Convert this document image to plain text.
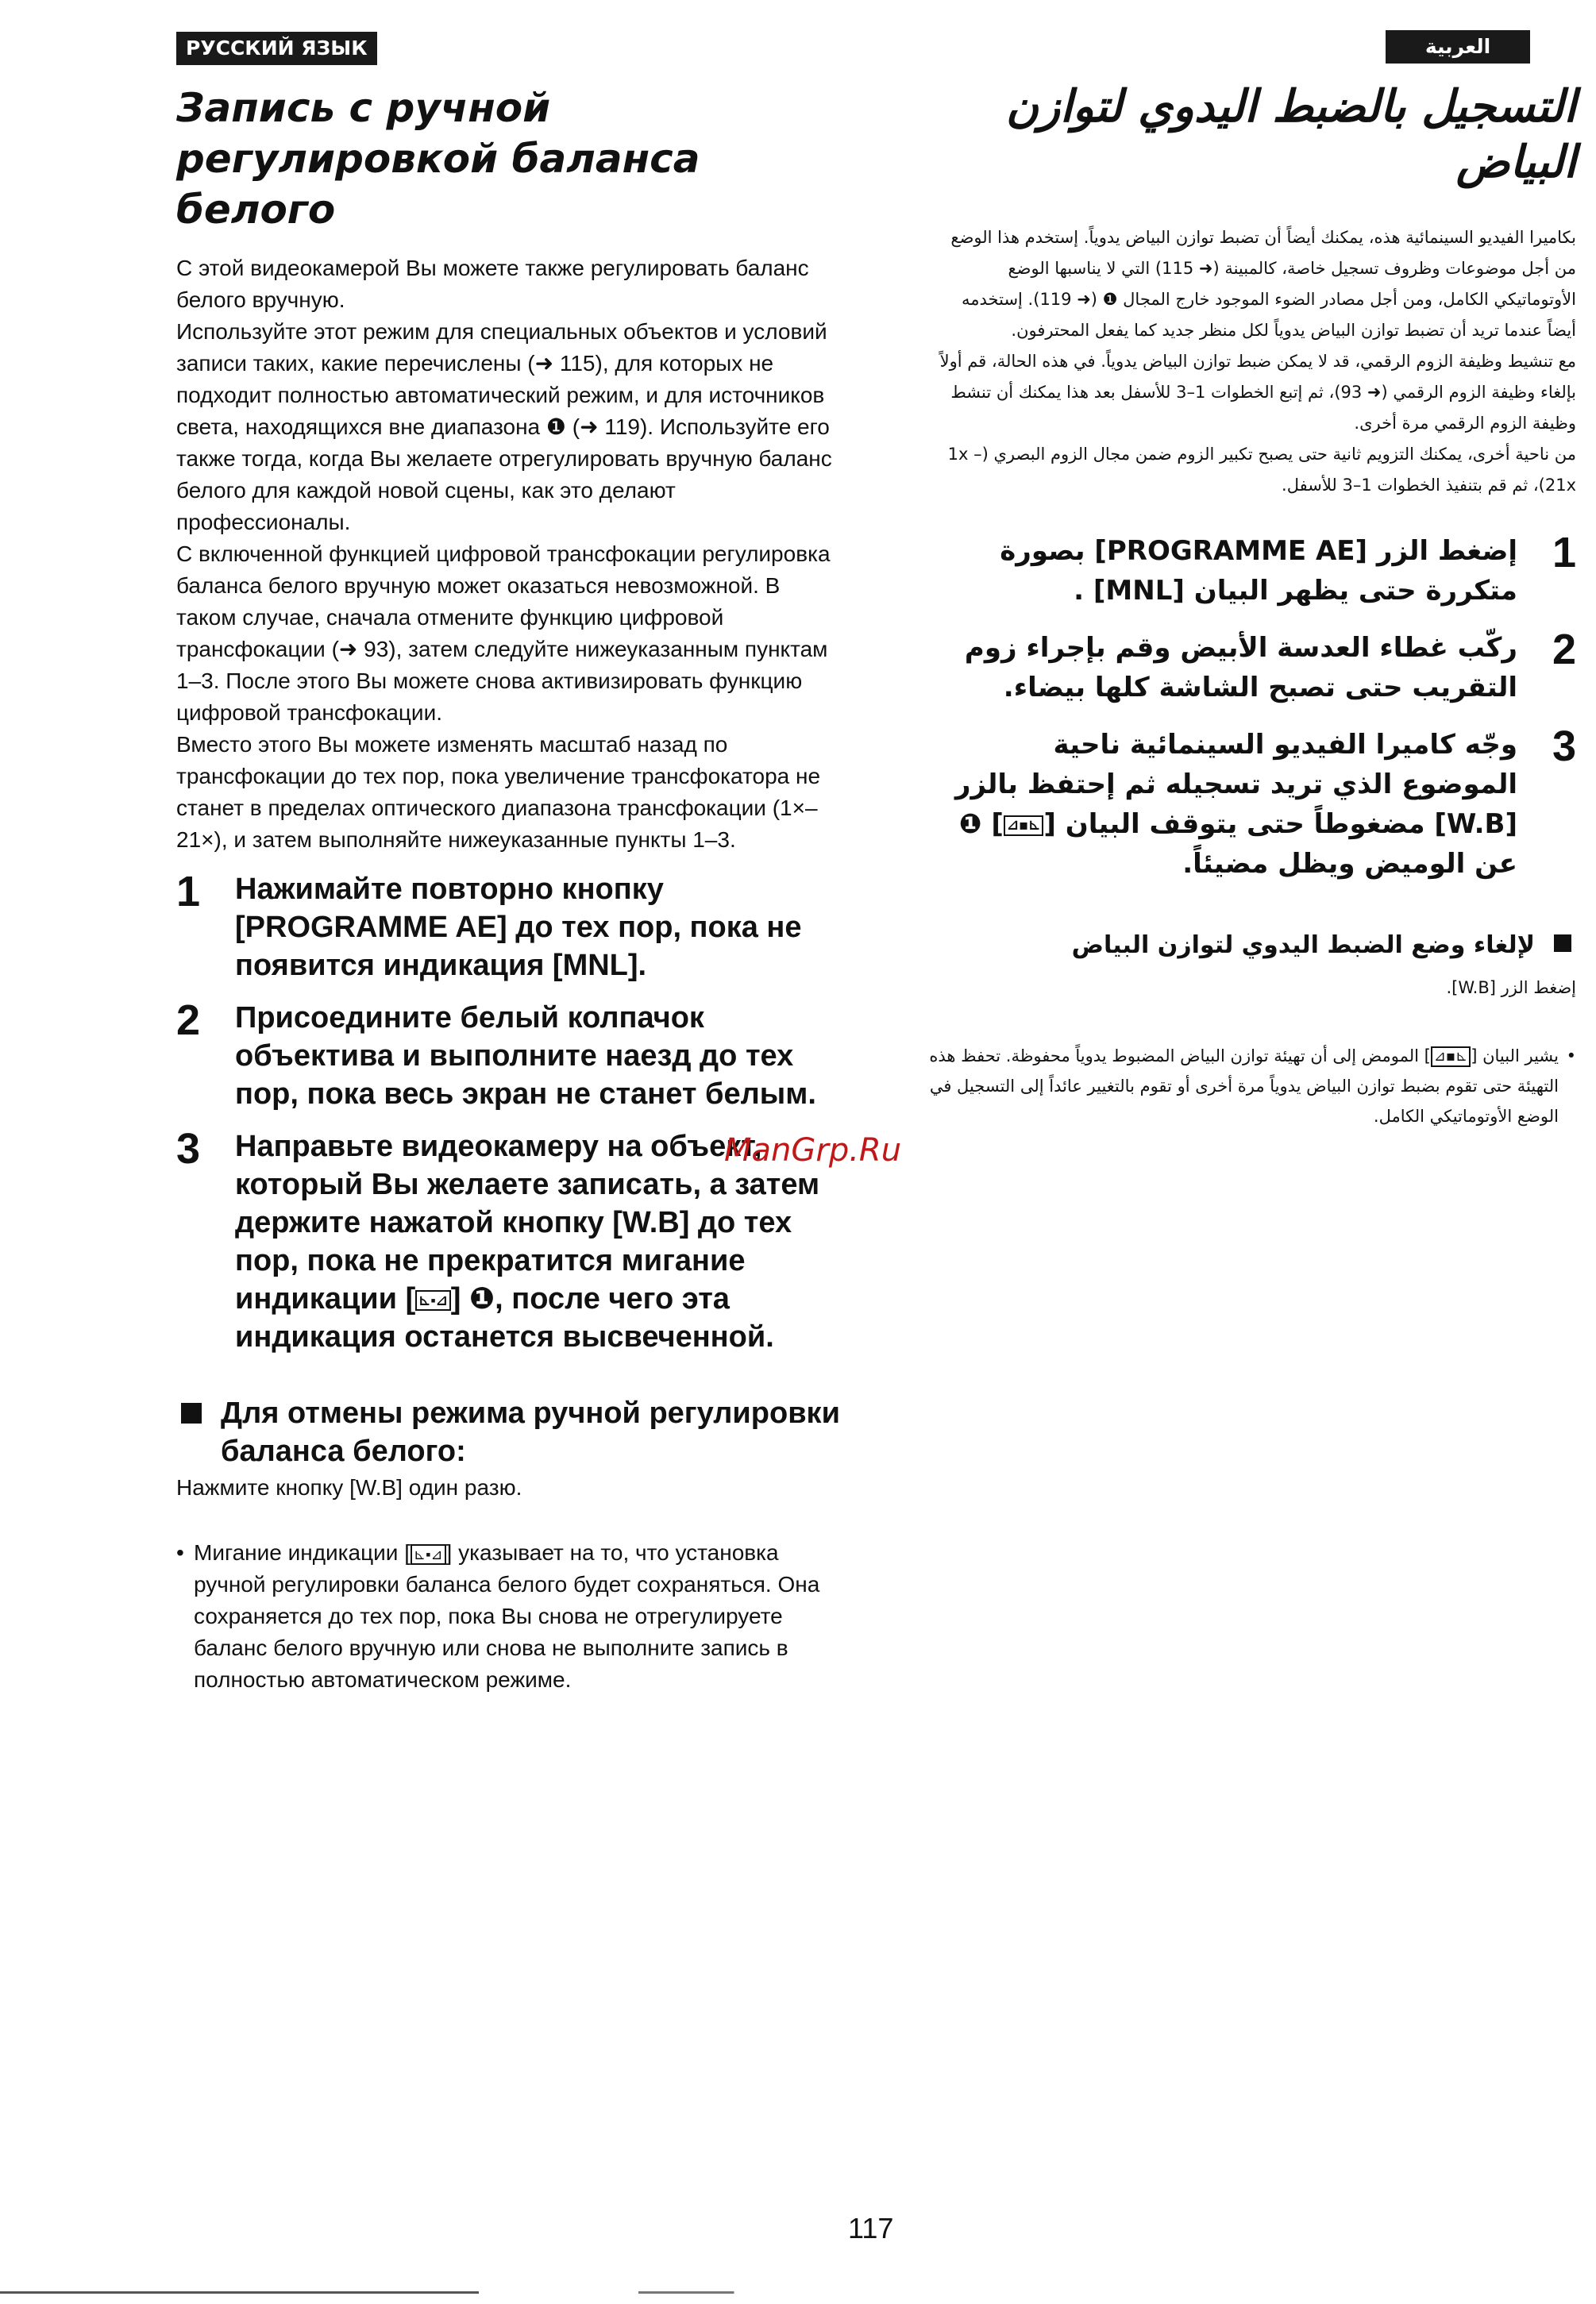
РУССКИЙ ЯЗЫК	العربية
Запись с ручной регулировкой баланса белого

С этой видеокамерой Вы можете также регулировать баланс белого вручную.

Используйте этот режим для специальных объектов и условий записи таких, какие перечислены (➜ 115), для которых не подходит полностью автоматический режим, и для источников света, находящихся вне диапазона ❶ (➜ 119). Используйте его также тогда, когда Вы желаете отрегулировать вручную баланс белого для каждой новой сцены, как это делают профессионалы.

С включенной функцией цифровой трансфокации регулировка баланса белого вручную может оказаться невозможной. В таком случае, сначала отмените функцию цифровой трансфокации (➜ 93), затем следуйте нижеуказанным пунктам 1–3. После этого Вы можете снова активизировать функцию цифровой трансфокации.

Вместо этого Вы можете изменять масштаб назад по трансфокации до тех пор, пока увеличение трансфокатора не станет в пределах оптического диапазона трансфокации (1×–21×), и затем выполняйте нижеуказанные пункты 1–3.

1	Нажимайте повторно кнопку [PROGRAMME AE] до тех пор, пока не появится индикация [MNL].
2	Присоедините белый колпачок объектива и выполните наезд до тех пор, пока весь экран не станет белым.
3	Направьте видеокамеру на объект, который Вы желаете записать, а затем держите нажатой кнопку [W.B] до тех пор, пока не прекратится мигание индикации [ ⊾▪⊿ ] ❶, после чего эта индикация останется высвеченной.
Для отмены режима ручной регулировки баланса белого:
Нажмите кнопку [W.B] один разю.
• Мигание индикации [ ⊾▪⊿ ] указывает на то, что установка ручной регулировки баланса белого будет сохраняться. Она сохраняется до тех пор, пока Вы снова не отрегулируете баланс белого вручную или снова не выполните запись в полностью автоматическом режиме.
التسجيل بالضبط اليدوي لتوازن البياض

بكاميرا الفيديو السينمائية هذه، يمكنك أيضاً أن تضبط توازن البياض يدوياً. إستخدم هذا الوضع من أجل موضوعات وظروف تسجيل خاصة، كالمبينة (➜ 115) التي لا يناسبها الوضع الأوتوماتيكي الكامل، ومن أجل مصادر الضوء الموجود خارج المجال ❶ (➜ 119). إستخدمه أيضاً عندما تريد أن تضبط توازن البياض يدوياً لكل منظر جديد كما يفعل المحترفون.

مع تنشيط وظيفة الزوم الرقمي، قد لا يمكن ضبط توازن البياض يدوياً. في هذه الحالة، قم أولاً بإلغاء وظيفة الزوم الرقمي (➜ 93)، ثم إتبع الخطوات 1–3 للأسفل بعد هذا يمكنك أن تنشط وظيفة الزوم الرقمي مرة أخرى.

من ناحية أخرى، يمكنك التزويم ثانية حتى يصبح تكبير الزوم ضمن مجال الزوم البصري (1x – 21x)، ثم قم بتنفيذ الخطوات 1–3 للأسفل.

1
إضغط الزر [PROGRAMME AE] بصورة متكررة حتى يظهر البيان [MNL] .
2
ركّب غطاء العدسة الأبيض وقم بإجراء زوم التقريب حتى تصبح الشاشة كلها بيضاء.
3
وجّه كاميرا الفيديو السينمائية ناحية الموضوع الذي تريد تسجيله ثم إحتفظ بالزر [W.B] مضغوطاً حتى يتوقف البيان [⊾▪⊿] ❶ عن الوميض ويظل مضيئاً.
لإلغاء وضع الضبط اليدوي لتوازن البياض
إضغط الزر [W.B].
•
يشير البيان [⊾▪⊿] المومض إلى أن تهيئة توازن البياض المضبوط يدوياً محفوظة. تحفظ هذه التهيئة حتى تقوم بضبط توازن البياض يدوياً مرة أخرى أو تقوم بالتغيير عائداً إلى التسجيل في الوضع الأوتوماتيكي الكامل.
ManGrp.Ru
117
